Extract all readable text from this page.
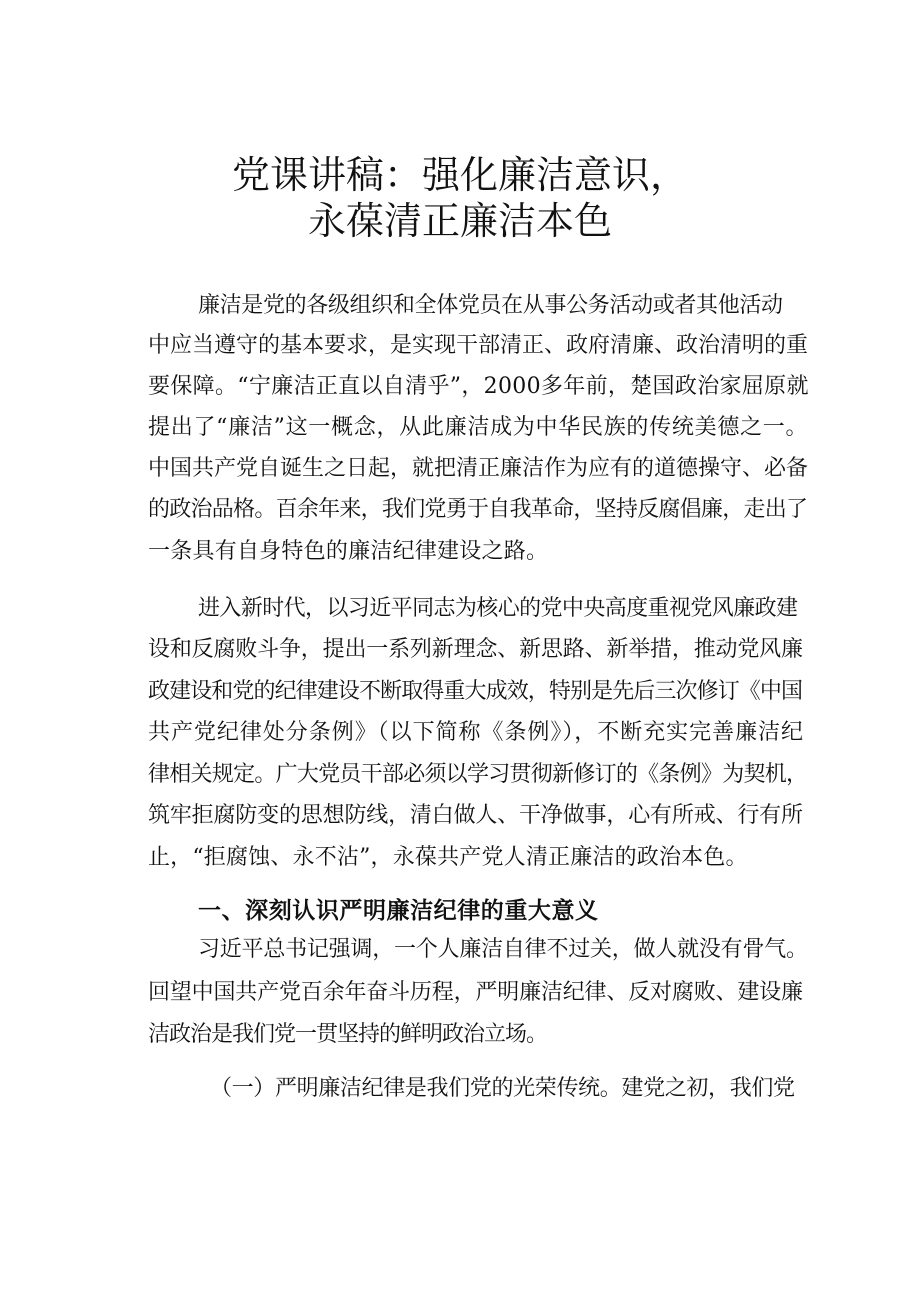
党课讲稿：强化廉洁意识，
永葆清正廉洁本色
廉洁是党的各级组织和全体党员在从事公务活动或者其他活动
中应当遵守的基本要求，是实现干部清正、政府清廉、政治清明的重
要保障。“宁廉洁正直以自清乎”，2000多年前，楚国政治家屈原就
提出了“廉洁”这一概念，从此廉洁成为中华民族的传统美德之一。
中国共产党自诞生之日起，就把清正廉洁作为应有的道德操守、必备
的政治品格。百余年来，我们党勇于自我革命，坚持反腐倡廉，走出了
一条具有自身特色的廉洁纪律建设之路。
进入新时代，以习近平同志为核心的党中央高度重视党风廉政建
设和反腐败斗争，提出一系列新理念、新思路、新举措，推动党风廉
政建设和党的纪律建设不断取得重大成效，特别是先后三次修订《中国
共产党纪律处分条例》（以下简称《条例》），不断充实完善廉洁纪
律相关规定。广大党员干部必须以学习贯彻新修订的《条例》为契机，
筑牢拒腐防变的思想防线，清白做人、干净做事，心有所戒、行有所
止，“拒腐蚀、永不沾”，永葆共产党人清正廉洁的政治本色。
一、深刻认识严明廉洁纪律的重大意义
习近平总书记强调，一个人廉洁自律不过关，做人就没有骨气。
回望中国共产党百余年奋斗历程，严明廉洁纪律、反对腐败、建设廉
洁政治是我们党一贯坚持的鲜明政治立场。
（一）严明廉洁纪律是我们党的光荣传统。建党之初，我们党
